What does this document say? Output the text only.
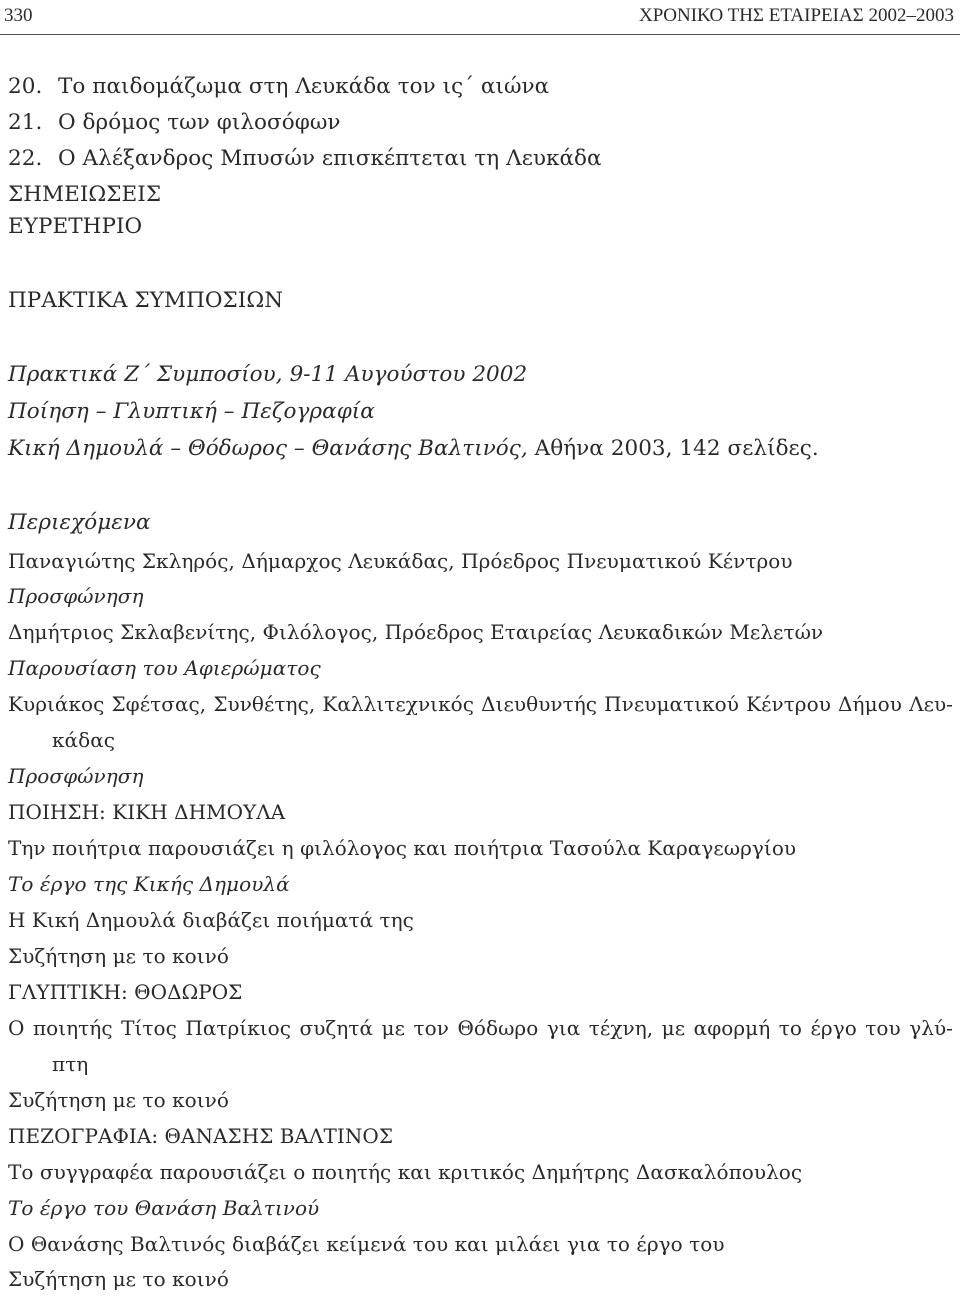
330	ΧΡΟΝΙΚΟ ΤΗΣ ΕΤΑΙΡΕΙΑΣ 2002–2003
20. Το παιδομάζωμα στη Λευκάδα τον ις΄ αιώνα
21. Ο δρόμος των φιλοσόφων
22. Ο Αλέξανδρος Μπυσών επισκέπτεται τη Λευκάδα
ΣΗΜΕΙΩΣΕΙΣ
ΕΥΡΕΤΗΡΙΟ
ΠΡΑΚΤΙΚΑ ΣΥΜΠΟΣΙΩΝ
Πρακτικά Ζ΄ Συμποσίου, 9-11 Αυγούστου 2002
Ποίηση – Γλυπτική – Πεζογραφία
Κική Δημουλά – Θόδωρος – Θανάσης Βαλτινός, Αθήνα 2003, 142 σελίδες.
Περιεχόμενα
Παναγιώτης Σκληρός, Δήμαρχος Λευκάδας, Πρόεδρος Πνευματικού Κέντρου
Προσφώνηση
Δημήτριος Σκλαβενίτης, Φιλόλογος, Πρόεδρος Εταιρείας Λευκαδικών Μελετών
Παρουσίαση του Αφιερώματος
Κυριάκος Σφέτσας, Συνθέτης, Καλλιτεχνικός Διευθυντής Πνευματικού Κέντρου Δήμου Λευ-
κάδας
Προσφώνηση
ΠΟΙΗΣΗ: ΚΙΚΗ ΔΗΜΟΥΛΑ
Την ποιήτρια παρουσιάζει η φιλόλογος και ποιήτρια Τασούλα Καραγεωργίου
Το έργο της Κικής Δημουλά
Η Κική Δημουλά διαβάζει ποιήματά της
Συζήτηση με το κοινό
ΓΛΥΠΤΙΚΗ: ΘΟΔΩΡΟΣ
Ο ποιητής Τίτος Πατρίκιος συζητά με τον Θόδωρο για τέχνη, με αφορμή το έργο του γλύ-
πτη
Συζήτηση με το κοινό
ΠΕΖΟΓΡΑΦΙΑ: ΘΑΝΑΣΗΣ ΒΑΛΤΙΝΟΣ
Το συγγραφέα παρουσιάζει ο ποιητής και κριτικός Δημήτρης Δασκαλόπουλος
Το έργο του Θανάση Βαλτινού
Ο Θανάσης Βαλτινός διαβάζει κείμενά του και μιλάει για το έργο του
Συζήτηση με το κοινό
